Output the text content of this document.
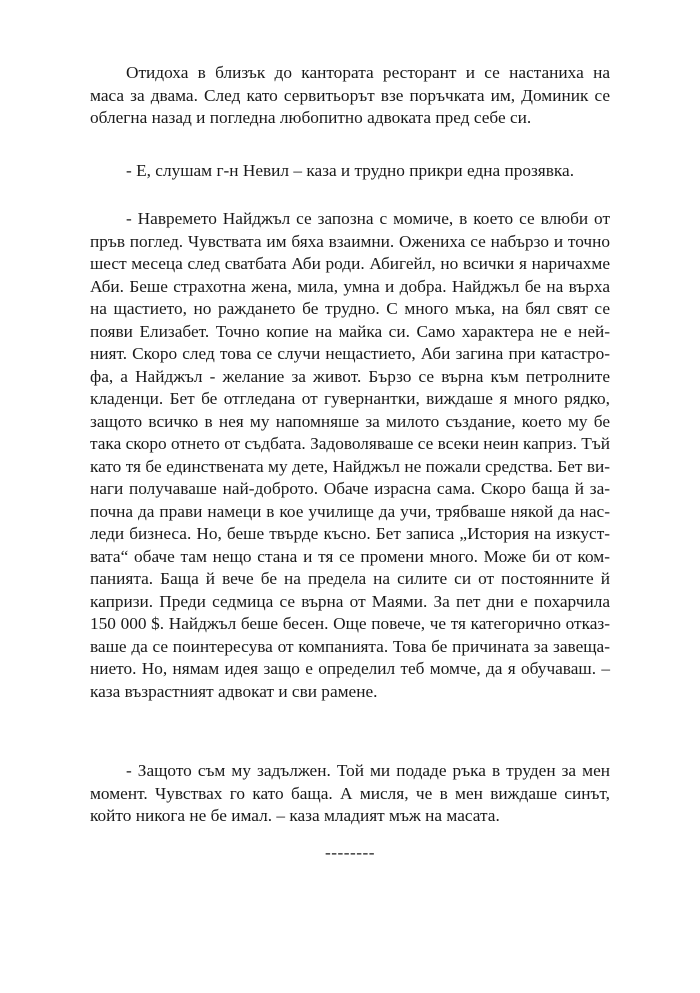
Отидоха в близък до кантората ресторант и се настаниха на
маса за двама. След като сервитьорът взе поръчката им, Доминик се
облегна назад и погледна любопитно адвоката пред себе си.
- Е, слушам г-н Невил – каза и трудно прикри една прозявка.
- Навремето Найджъл се запозна с момиче, в което се влюби от
пръв поглед. Чувствата им бяха взаимни. Ожениха се набързо и точно
шест месеца след сватбата Аби роди. Абигейл, но всички я наричахме
Аби. Беше страхотна жена, мила, умна и добра. Найджъл бе на върха
на щастието, но раждането бе трудно. С много мъка, на бял свят се
появи Елизабет. Точно копие на майка си. Само характера не е ней-
ният. Скоро след това се случи нещастието, Аби загина при катастро-
фа, а Найджъл - желание за живот. Бързо се върна към петролните
кладенци. Бет бе отгледана от гувернантки, виждаше я много рядко,
защото всичко в нея му напомняше за милото създание, което му бе
така скоро отнето от съдбата. Задоволяваше се всеки неин каприз. Тъй
като тя бе единствената му дете, Найджъл не пожали средства. Бет ви-
наги получаваше най-доброто. Обаче израсна сама. Скоро баща й за-
почна да прави намеци в кое училище да учи, трябваше някой да нас-
леди бизнеса. Но, беше твърде късно. Бет записа „История на изкуст-
вата“ обаче там нещо стана и тя се промени много. Може би от ком-
панията. Баща й вече бе на предела на силите си от постоянните й
капризи. Преди седмица се върна от Маями. За пет дни е похарчила
150 000 $. Найджъл беше бесен. Още повече, че тя категорично отказ-
ваше да се поинтересува от компанията. Това бе причината за завеща-
нието. Но, нямам идея защо е определил теб момче, да я обучаваш. –
каза възрастният адвокат и сви рамене.
- Защото съм му задължен. Той ми подаде ръка в труден за мен
момент. Чувствах го като баща. А мисля, че в мен виждаше синът,
който никога не бе имал. – каза младият мъж на масата.
--------
